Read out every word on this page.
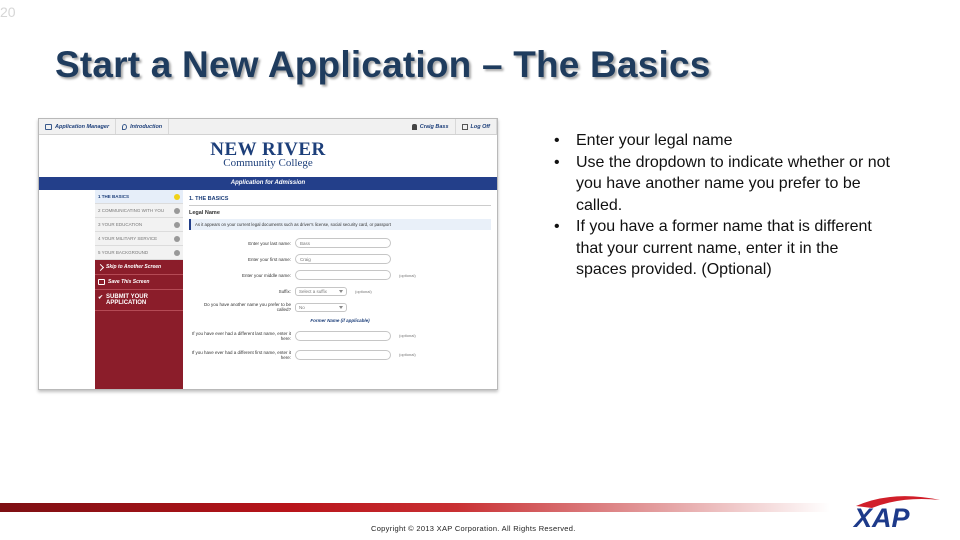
20
Start a New Application – The Basics
Application Manager	Introduction	Craig Bass	Log Off
NEW RIVER
Community College
Application for Admission
1 THE BASICS
2 COMMUNICATING WITH YOU
3 YOUR EDUCATION
4 YOUR MILITARY SERVICE
5 YOUR BACKGROUND
Skip to Another Screen
Save This Screen
✔ SUBMIT YOUR APPLICATION
1. THE BASICS
Legal Name
As it appears on your current legal documents such as driver's license, social security card, or passport
Enter your last name:	Bass
Enter your first name:	Craig
Enter your middle name:	(optional)
Suffix:	Select a suffix	(optional)
Do you have another name you prefer to be called?	No
Former Name (if applicable)
If you have ever had a different last name, enter it here:	(optional)
If you have ever had a different first name, enter it here:	(optional)
• Enter your legal name
• Use the dropdown to indicate whether or not you have another name you prefer to be called.
• If you have a former name that is different that your current name, enter it in the spaces provided. (Optional)
Copyright © 2013 XAP Corporation. All Rights Reserved.	XAP
